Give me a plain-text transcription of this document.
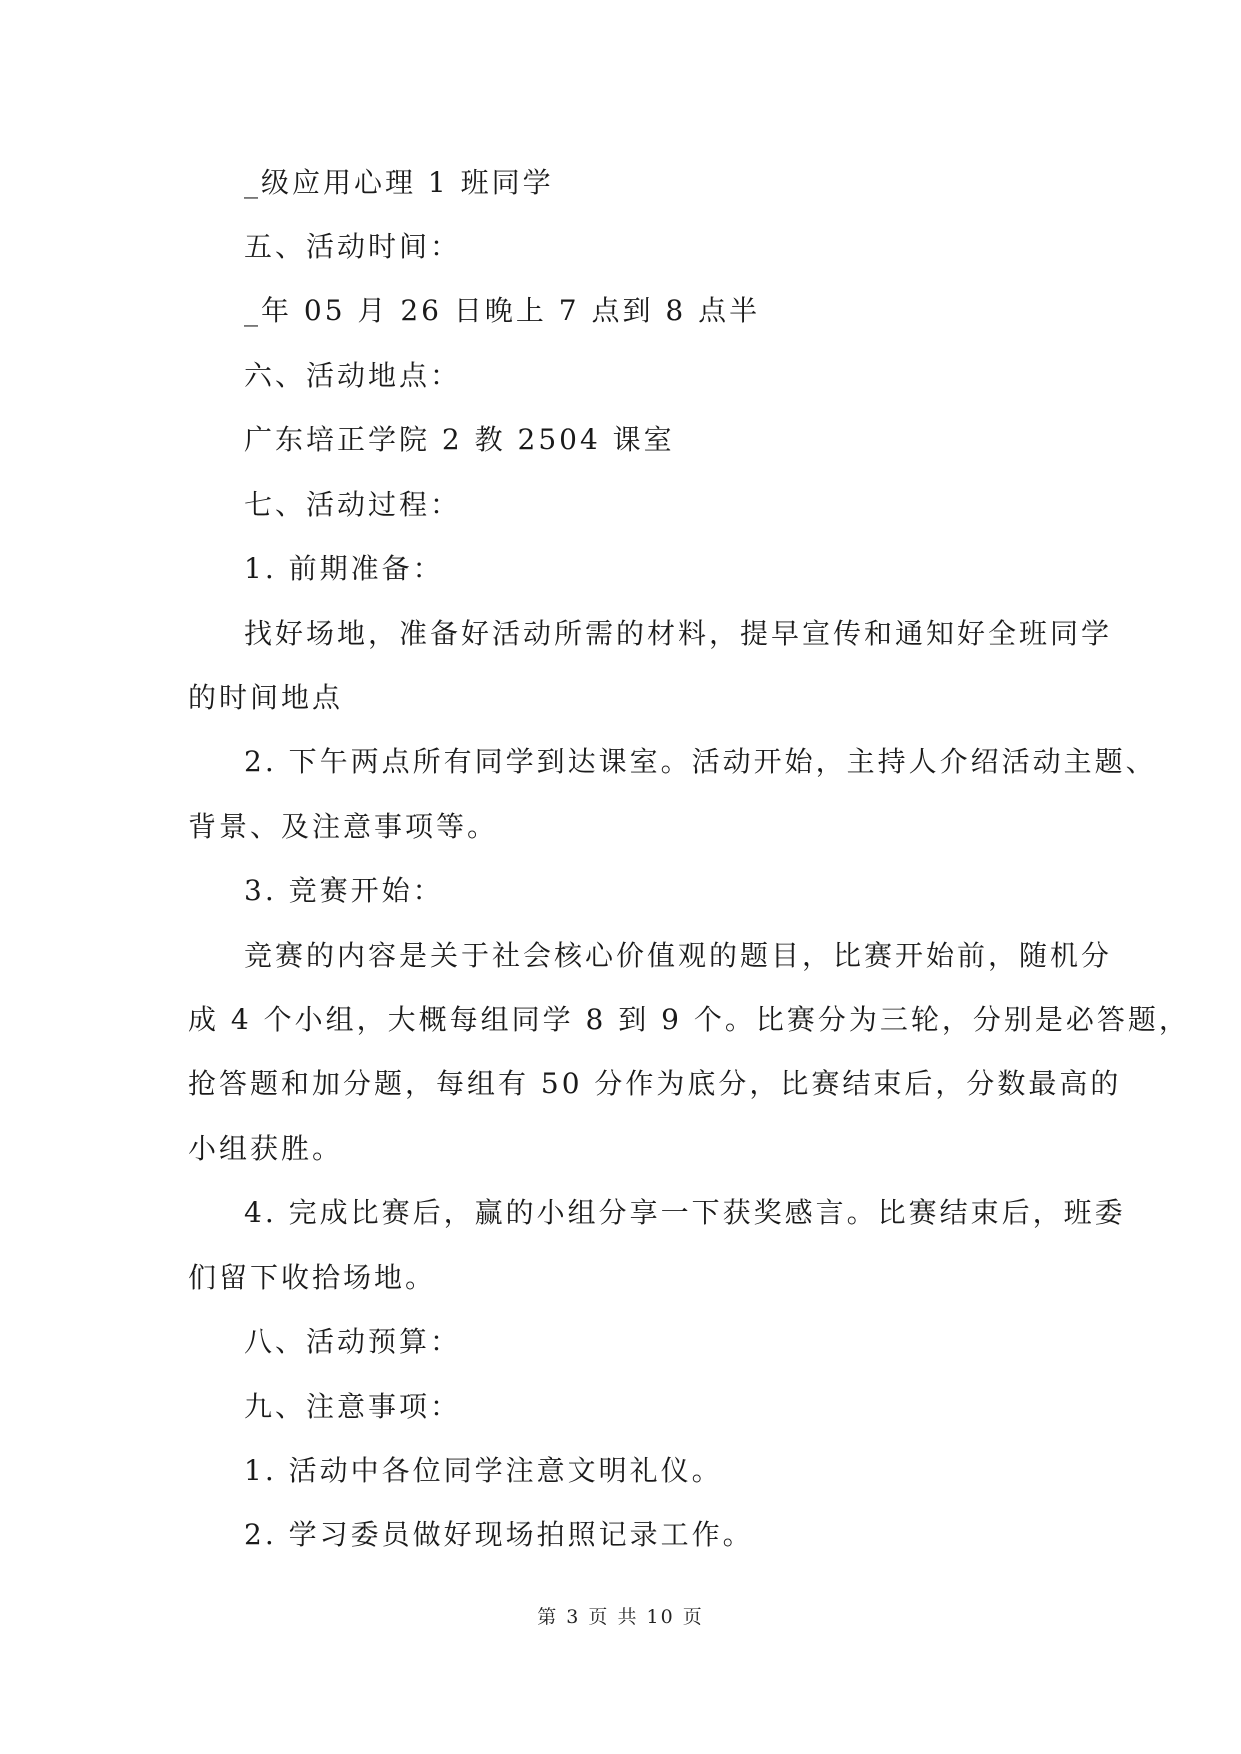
_级应用心理 1 班同学
五、活动时间：
_年 05 月 26 日晚上 7 点到 8 点半
六、活动地点：
广东培正学院 2 教 2504 课室
七、活动过程：
1. 前期准备：
找好场地，准备好活动所需的材料，提早宣传和通知好全班同学
的时间地点
2. 下午两点所有同学到达课室。活动开始，主持人介绍活动主题、
背景、及注意事项等。
3. 竞赛开始：
竞赛的内容是关于社会核心价值观的题目，比赛开始前，随机分
成 4 个小组，大概每组同学 8 到 9 个。比赛分为三轮，分别是必答题，
抢答题和加分题，每组有 50 分作为底分，比赛结束后，分数最高的
小组获胜。
4. 完成比赛后，赢的小组分享一下获奖感言。比赛结束后，班委
们留下收拾场地。
八、活动预算：
九、注意事项：
1. 活动中各位同学注意文明礼仪。
2. 学习委员做好现场拍照记录工作。
第 3 页 共 10 页
